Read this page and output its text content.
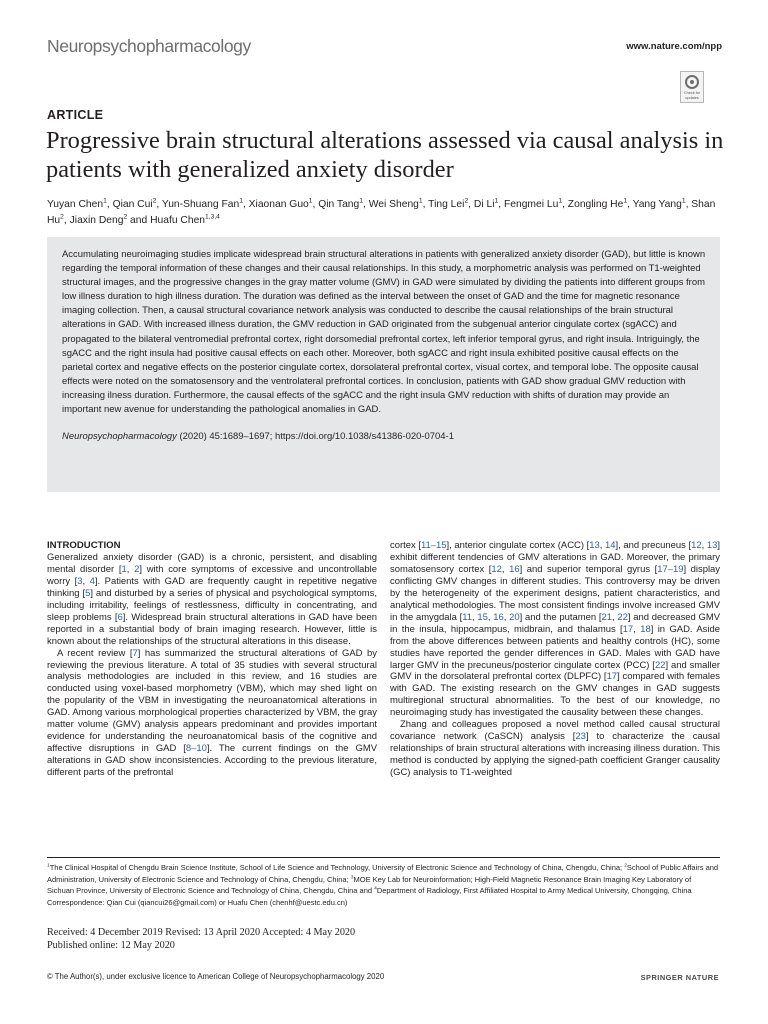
Neuropsychopharmacology	www.nature.com/npp
Check for updates
ARTICLE
Progressive brain structural alterations assessed via causal analysis in patients with generalized anxiety disorder
Yuyan Chen$^1$, Qian Cui$^2$, Yun-Shuang Fan$^1$, Xiaonan Guo$^1$, Qin Tang$^1$, Wei Sheng$^1$, Ting Lei$^2$, Di Li$^1$, Fengmei Lu$^1$, Zongling He$^1$, Yang Yang$^1$, Shan Hu$^2$, Jiaxin Deng$^2$ and Huafu Chen$^{1,3,4}$

Accumulating neuroimaging studies implicate widespread brain structural alterations in patients with generalized anxiety disorder (GAD), but little is known regarding the temporal information of these changes and their causal relationships. In this study, a morphometric analysis was performed on T1-weighted structural images, and the progressive changes in the gray matter volume (GMV) in GAD were simulated by dividing the patients into different groups from low illness duration to high illness duration. The duration was defined as the interval between the onset of GAD and the time for magnetic resonance imaging collection. Then, a causal structural covariance network analysis was conducted to describe the causal relationships of the brain structural alterations in GAD. With increased illness duration, the GMV reduction in GAD originated from the subgenual anterior cingulate cortex (sgACC) and propagated to the bilateral ventromedial prefrontal cortex, right dorsomedial prefrontal cortex, left inferior temporal gyrus, and right insula. Intriguingly, the sgACC and the right insula had positive causal effects on each other. Moreover, both sgACC and right insula exhibited positive causal effects on the parietal cortex and negative effects on the posterior cingulate cortex, dorsolateral prefrontal cortex, visual cortex, and temporal lobe. The opposite causal effects were noted on the somatosensory and the ventrolateral prefrontal cortices. In conclusion, patients with GAD show gradual GMV reduction with increasing ilness duration. Furthermore, the causal effects of the sgACC and the right insula GMV reduction with shifts of duration may provide an important new avenue for understanding the pathological anomalies in GAD.

Neuropsychopharmacology (2020) 45:1689–1697; https://doi.org/10.1038/s41386-020-0704-1

INTRODUCTION

Generalized anxiety disorder (GAD) is a chronic, persistent, and disabling mental disorder [1, 2] with core symptoms of excessive and uncontrollable worry [3, 4]. Patients with GAD are frequently caught in repetitive negative thinking [5] and disturbed by a series of physical and psychological symptoms, including irritability, feelings of restlessness, difficulty in concentrating, and sleep problems [6]. Widespread brain structural alterations in GAD have been reported in a substantial body of brain imaging research. However, little is known about the relationships of the structural alterations in this disease.

A recent review [7] has summarized the structural alterations of GAD by reviewing the previous literature. A total of 35 studies with several structural analysis methodologies are included in this review, and 16 studies are conducted using voxel-based morphometry (VBM), which may shed light on the popularity of the VBM in investigating the neuroanatomical alterations in GAD. Among various morphological properties characterized by VBM, the gray matter volume (GMV) analysis appears predominant and provides important evidence for understanding the neuroanatomical basis of the cognitive and affective disruptions in GAD [8–10]. The current findings on the GMV alterations in GAD show inconsistencies. According to the previous literature, different parts of the prefrontal

cortex [11–15], anterior cingulate cortex (ACC) [13, 14], and precuneus [12, 13] exhibit different tendencies of GMV alterations in GAD. Moreover, the primary somatosensory cortex [12, 16] and superior temporal gyrus [17–19] display conflicting GMV changes in different studies. This controversy may be driven by the heterogeneity of the experiment designs, patient characteristics, and analytical methodologies. The most consistent findings involve increased GMV in the amygdala [11, 15, 16, 20] and the putamen [21, 22] and decreased GMV in the insula, hippocampus, midbrain, and thalamus [17, 18] in GAD. Aside from the above differences between patients and healthy controls (HC), some studies have reported the gender differences in GAD. Males with GAD have larger GMV in the precuneus/posterior cingulate cortex (PCC) [22] and smaller GMV in the dorsolateral prefrontal cortex (DLPFC) [17] compared with females with GAD. The existing research on the GMV changes in GAD suggests multiregional structural abnormalities. To the best of our knowledge, no neuroimaging study has investigated the causality between these changes.

Zhang and colleagues proposed a novel method called causal structural covariance network (CaSCN) analysis [23] to characterize the causal relationships of brain structural alterations with increasing illness duration. This method is conducted by applying the signed-path coefficient Granger causality (GC) analysis to T1-weighted

$^1$The Clinical Hospital of Chengdu Brain Science Institute, School of Life Science and Technology, University of Electronic Science and Technology of China, Chengdu, China; $^2$School of Public Affairs and Administration, University of Electronic Science and Technology of China, Chengdu, China; $^3$MOE Key Lab for Neuroinformation; High-Field Magnetic Resonance Brain Imaging Key Laboratory of Sichuan Province, University of Electronic Science and Technology of China, Chengdu, China and $^4$Department of Radiology, First Affiliated Hospital to Army Medical University, Chongqing, China
Correspondence: Qian Cui (qiancui26@gmail.com) or Huafu Chen (chenhf@uestc.edu.cn)
Received: 4 December 2019 Revised: 13 April 2020 Accepted: 4 May 2020
Published online: 12 May 2020
© The Author(s), under exclusive licence to American College of Neuropsychopharmacology 2020	SPRINGER NATURE
